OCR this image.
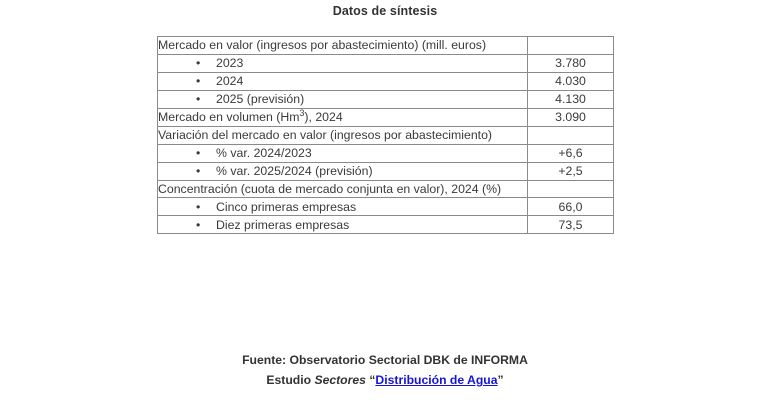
Datos de síntesis
Mercado en valor (ingresos por abastecimiento) (mill. euros)	

• 2023	3.780

• 2024	4.030

• 2025 (previsión)	4.130
Mercado en volumen (Hm$^3$), 2024	3.090
Variación del mercado en valor (ingresos por abastecimiento)	

• % var. 2024/2023	+6,6

• % var. 2025/2024 (previsión)	+2,5
Concentración (cuota de mercado conjunta en valor), 2024 (%)	

• Cinco primeras empresas	66,0

• Diez primeras empresas	73,5
Fuente: Observatorio Sectorial DBK de INFORMA
Estudio Sectores “Distribución de Agua”
